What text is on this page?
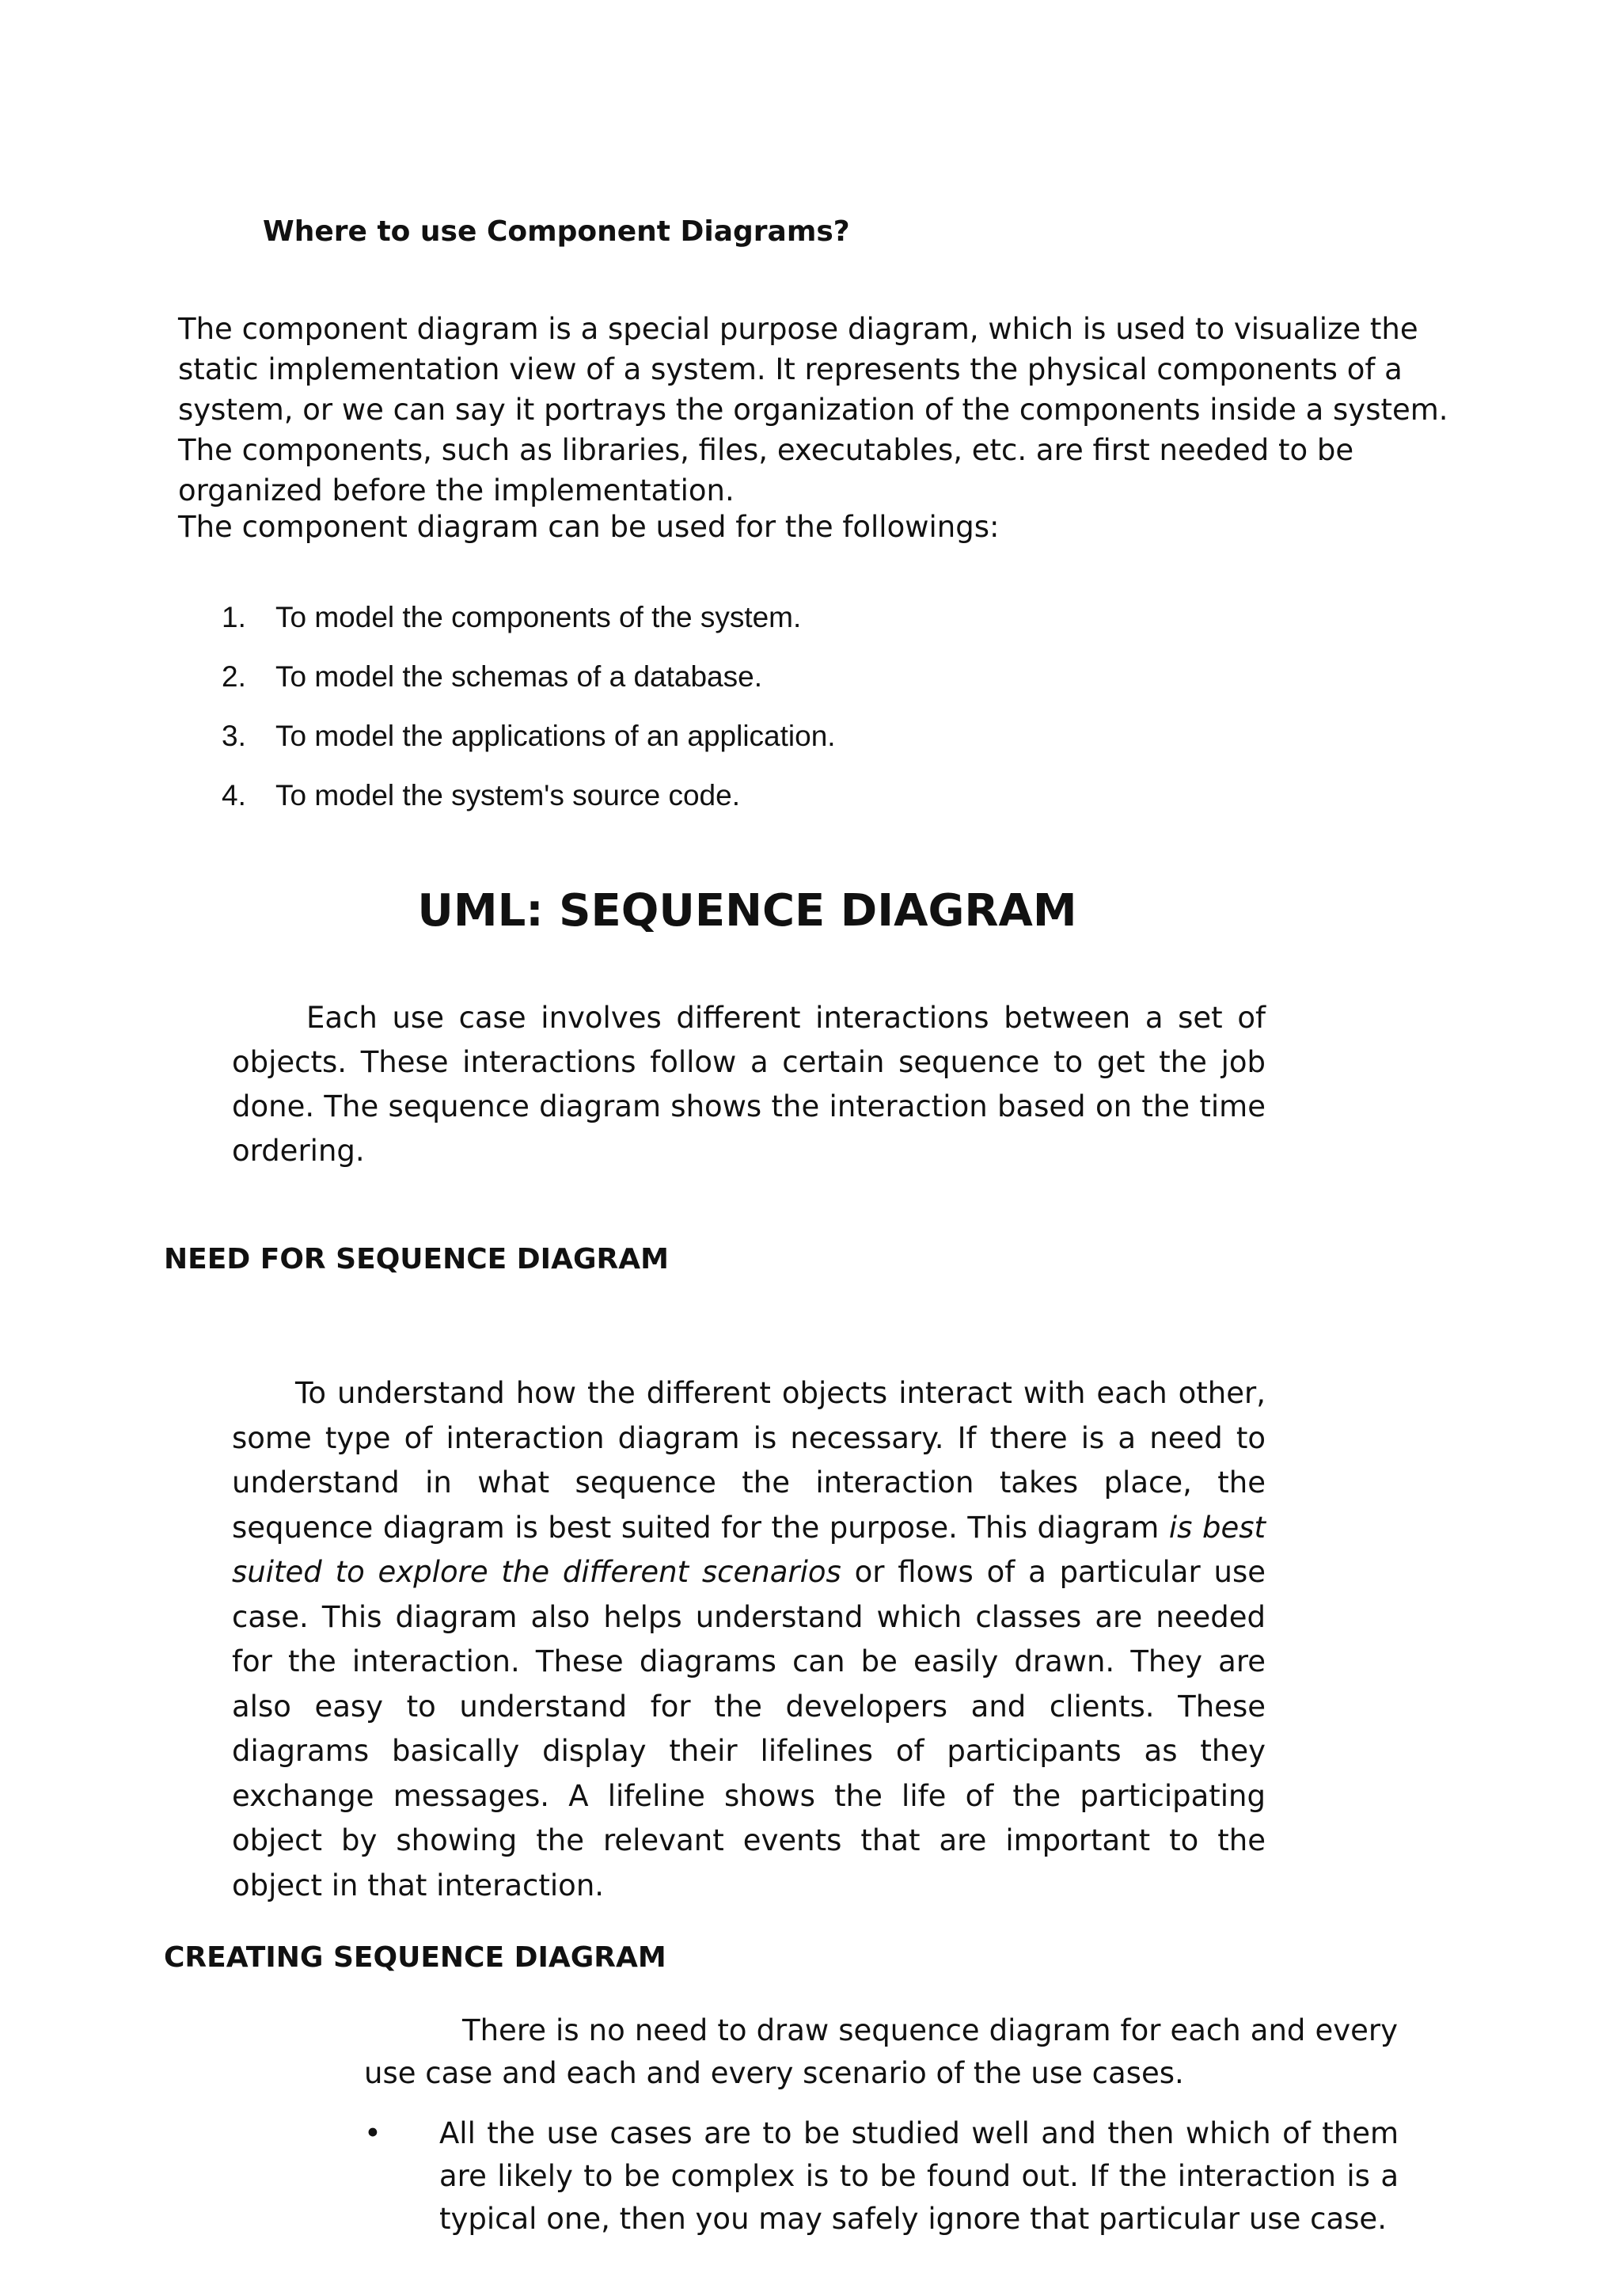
Where to use Component Diagrams?
The component diagram is a special purpose diagram, which is used to visualize the static implementation view of a system. It represents the physical components of a system, or we can say it portrays the organization of the components inside a system. The components, such as libraries, files, executables, etc. are first needed to be organized before the implementation.
The component diagram can be used for the followings:
1.	To model the components of the system.
2.	To model the schemas of a database.
3.	To model the applications of an application.
4.	To model the system's source code.
UML: SEQUENCE DIAGRAM
Each use case involves different interactions between a set of objects. These interactions follow a certain sequence to get the job done. The sequence diagram shows the interaction based on the time ordering.
NEED FOR SEQUENCE DIAGRAM
To understand how the different objects interact with each other, some type of interaction diagram is necessary. If there is a need to understand in what sequence the interaction takes place, the sequence diagram is best suited for the purpose. This diagram is best suited to explore the different scenarios or flows of a particular use case. This diagram also helps understand which classes are needed for the interaction. These diagrams can be easily drawn. They are also easy to understand for the developers and clients. These diagrams basically display their lifelines of participants as they exchange messages. A lifeline shows the life of the participating object by showing the relevant events that are important to the object in that interaction.
CREATING SEQUENCE DIAGRAM
There is no need to draw sequence diagram for each and every use case and each and every scenario of the use cases.
•	All the use cases are to be studied well and then which of them are likely to be complex is to be found out. If the interaction is a typical one, then you may safely ignore that particular use case.
